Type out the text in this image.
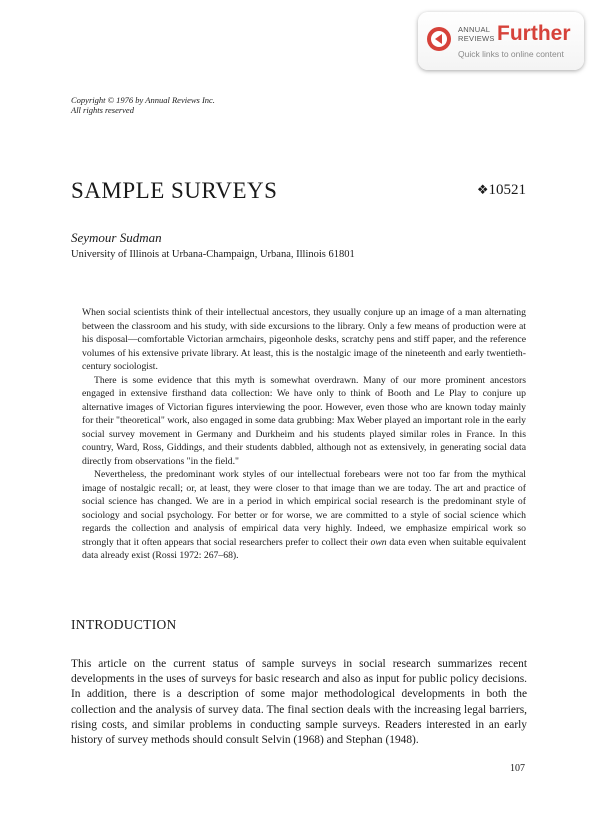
ANNUAL
REVIEWS Further
Quick links to online content
Copyright © 1976 by Annual Reviews Inc.
All rights reserved
SAMPLE SURVEYS	❖10521
Seymour Sudman
University of Illinois at Urbana-Champaign, Urbana, Illinois 61801

When social scientists think of their intellectual ancestors, they usually conjure up an image of a man alternating between the classroom and his study, with side excursions to the library. Only a few means of production were at his disposal—comfortable Victorian armchairs, pigeonhole desks, scratchy pens and stiff paper, and the reference volumes of his extensive private library. At least, this is the nostalgic image of the nineteenth and early twentieth-century sociologist.

There is some evidence that this myth is somewhat overdrawn. Many of our more prominent ancestors engaged in extensive firsthand data collection: We have only to think of Booth and Le Play to conjure up alternative images of Victorian figures interviewing the poor. However, even those who are known today mainly for their "theoretical" work, also engaged in some data grubbing: Max Weber played an important role in the early social survey movement in Germany and Durkheim and his students played similar roles in France. In this country, Ward, Ross, Giddings, and their students dabbled, although not as extensively, in generating social data directly from observations "in the field."

Nevertheless, the predominant work styles of our intellectual forebears were not too far from the mythical image of nostalgic recall; or, at least, they were closer to that image than we are today. The art and practice of social science has changed. We are in a period in which empirical social research is the predominant style of sociology and social psychology. For better or for worse, we are committed to a style of social science which regards the collection and analysis of empirical data very highly. Indeed, we emphasize empirical work so strongly that it often appears that social researchers prefer to collect their own data even when suitable equivalent data already exist (Rossi 1972: 267–68).

INTRODUCTION

This article on the current status of sample surveys in social research summarizes recent developments in the uses of surveys for basic research and also as input for public policy decisions. In addition, there is a description of some major methodological developments in both the collection and the analysis of survey data. The final section deals with the increasing legal barriers, rising costs, and similar problems in conducting sample surveys. Readers interested in an early history of survey methods should consult Selvin (1968) and Stephan (1948).

107
